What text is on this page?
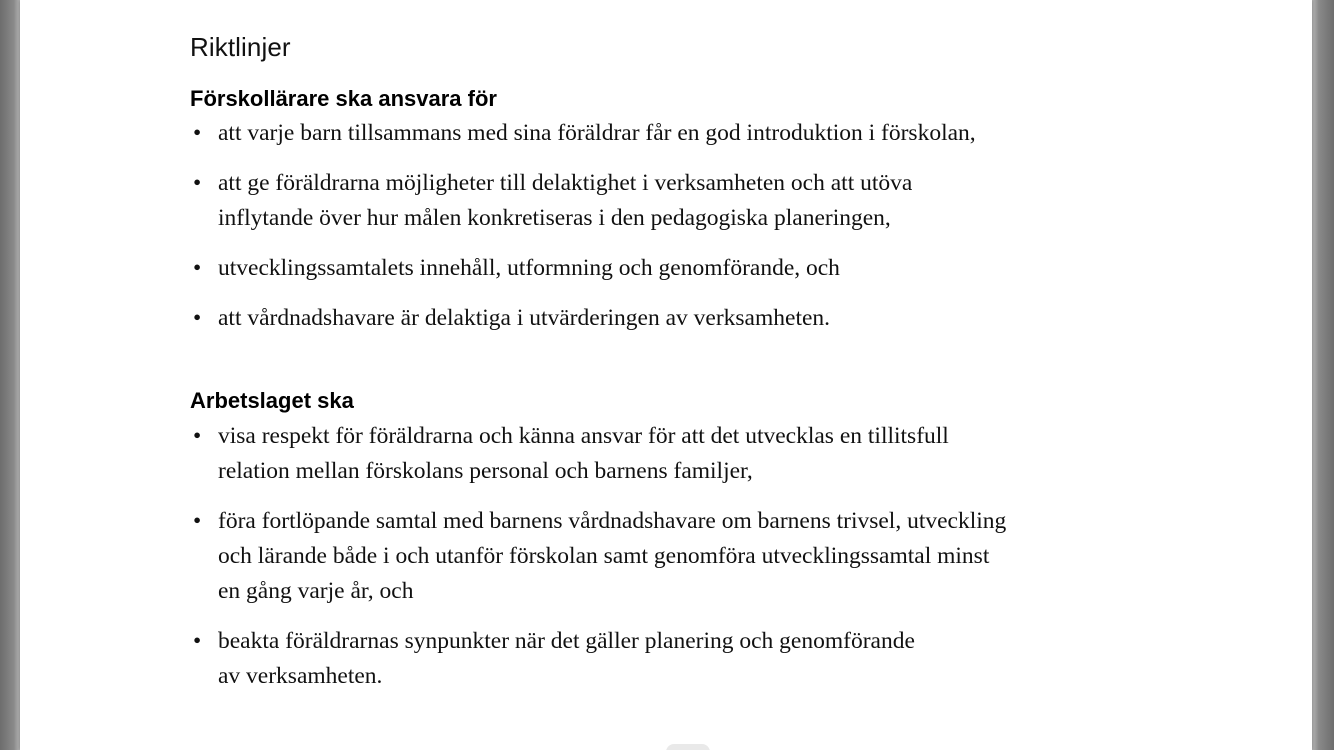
Riktlinjer
Förskollärare ska ansvara för
• att varje barn tillsammans med sina föräldrar får en god introduktion i förskolan,
• att ge föräldrarna möjligheter till delaktighet i verksamheten och att utöva
inflytande över hur målen konkretiseras i den pedagogiska planeringen,
• utvecklingssamtalets innehåll, utformning och genomförande, och
• att vårdnadshavare är delaktiga i utvärderingen av verksamheten.
Arbetslaget ska
• visa respekt för föräldrarna och känna ansvar för att det utvecklas en tillitsfull
relation mellan förskolans personal och barnens familjer,
• föra fortlöpande samtal med barnens vårdnadshavare om barnens trivsel, utveckling
och lärande både i och utanför förskolan samt genomföra utvecklingssamtal minst
en gång varje år, och
• beakta föräldrarnas synpunkter när det gäller planering och genomförande
av verksamheten.
